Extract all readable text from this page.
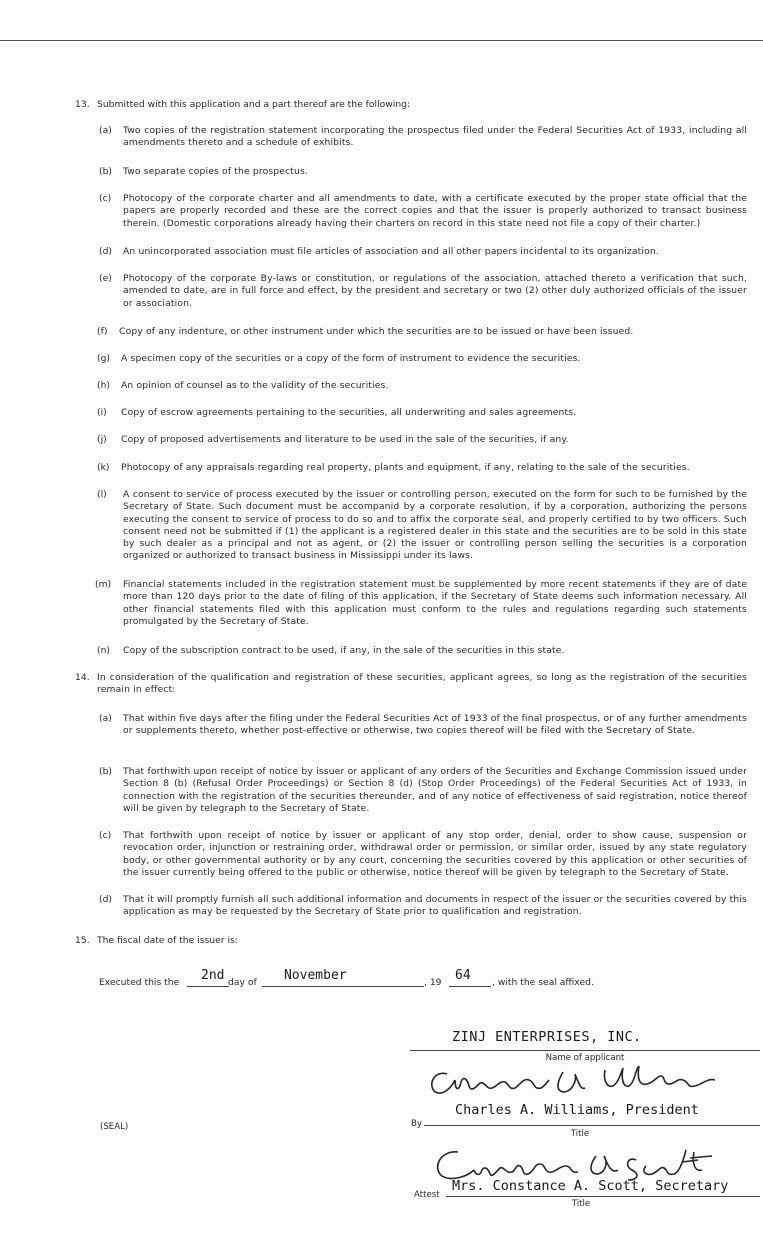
13. Submitted with this application and a part thereof are the following:
(a) Two copies of the registration statement incorporating the prospectus filed under the Federal Securities Act of 1933, including all amendments thereto and a schedule of exhibits.
(b) Two separate copies of the prospectus.
(c) Photocopy of the corporate charter and all amendments to date, with a certificate executed by the proper state official that the papers are properly recorded and these are the correct copies and that the issuer is properly authorized to transact business therein. (Domestic corporations already having their charters on record in this state need not file a copy of their charter.)
(d) An unincorporated association must file articles of association and all other papers incidental to its organization.
(e) Photocopy of the corporate By-laws or constitution, or regulations of the association, attached thereto a verification that such, amended to date, are in full force and effect, by the president and secretary or two (2) other duly authorized officials of the issuer or association.
(f) Copy of any indenture, or other instrument under which the securities are to be issued or have been issued.
(g) A specimen copy of the securities or a copy of the form of instrument to evidence the securities.
(h) An opinion of counsel as to the validity of the securities.
(i) Copy of escrow agreements pertaining to the securities, all underwriting and sales agreements.
(j) Copy of proposed advertisements and literature to be used in the sale of the securities, if any.
(k) Photocopy of any appraisals regarding real property, plants and equipment, if any, relating to the sale of the securities.
(l) A consent to service of process executed by the issuer or controlling person, executed on the form for such to be furnished by the Secretary of State. Such document must be accompanid by a corporate resolution, if by a corporation, authorizing the persons executing the consent to service of process to do so and to affix the corporate seal, and properly certified to by two officers. Such consent need not be submitted if (1) the applicant is a registered dealer in this state and the securities are to be sold in this state by such dealer as a principal and not as agent, or (2) the issuer or controlling person selling the securities is a corporation organized or authorized to transact business in Mississippi under its laws.
(m) Financial statements included in the registration statement must be supplemented by more recent statements if they are of date more than 120 days prior to the date of filing of this application, if the Secretary of State deems such information necessary. All other financial statements filed with this application must conform to the rules and regulations regarding such statements promulgated by the Secretary of State.
(n) Copy of the subscription contract to be used, if any, in the sale of the securities in this state.
14. In consideration of the qualification and registration of these securities, applicant agrees, so long as the registration of the securities remain in effect:
(a) That within five days after the filing under the Federal Securities Act of 1933 of the final prospectus, or of any further amendments or supplements thereto, whether post-effective or otherwise, two copies thereof will be filed with the Secretary of State.
(b) That forthwith upon receipt of notice by issuer or applicant of any orders of the Securities and Exchange Commission issued under Section 8 (b) (Refusal Order Proceedings) or Section 8 (d) (Stop Order Proceedings) of the Federal Securities Act of 1933, in connection with the registration of the securities thereunder, and of any notice of effectiveness of said registration, notice thereof will be given by telegraph to the Secretary of State.
(c) That forthwith upon receipt of notice by issuer or applicant of any stop order, denial, order to show cause, suspension or revocation order, injunction or restraining order, withdrawal order or permission, or similar order, issued by any state regulatory body, or other governmental authority or by any court, concerning the securities covered by this application or other securities of the issuer currently being offered to the public or otherwise, notice thereof will be given by telegraph to the Secretary of State.
(d) That it will promptly furnish all such additional information and documents in respect of the issuer or the securities covered by this application as may be requested by the Secretary of State prior to qualification and registration.
15. The fiscal date of the issuer is:
Executed this the 2nd day of November	, 19 64 , with the seal affixed.
ZINJ ENTERPRISES, INC.
Name of applicant
Charles A. Williams, President
By
Title
(SEAL)
Attest
Mrs. Constance A. Scott, Secretary
Title
